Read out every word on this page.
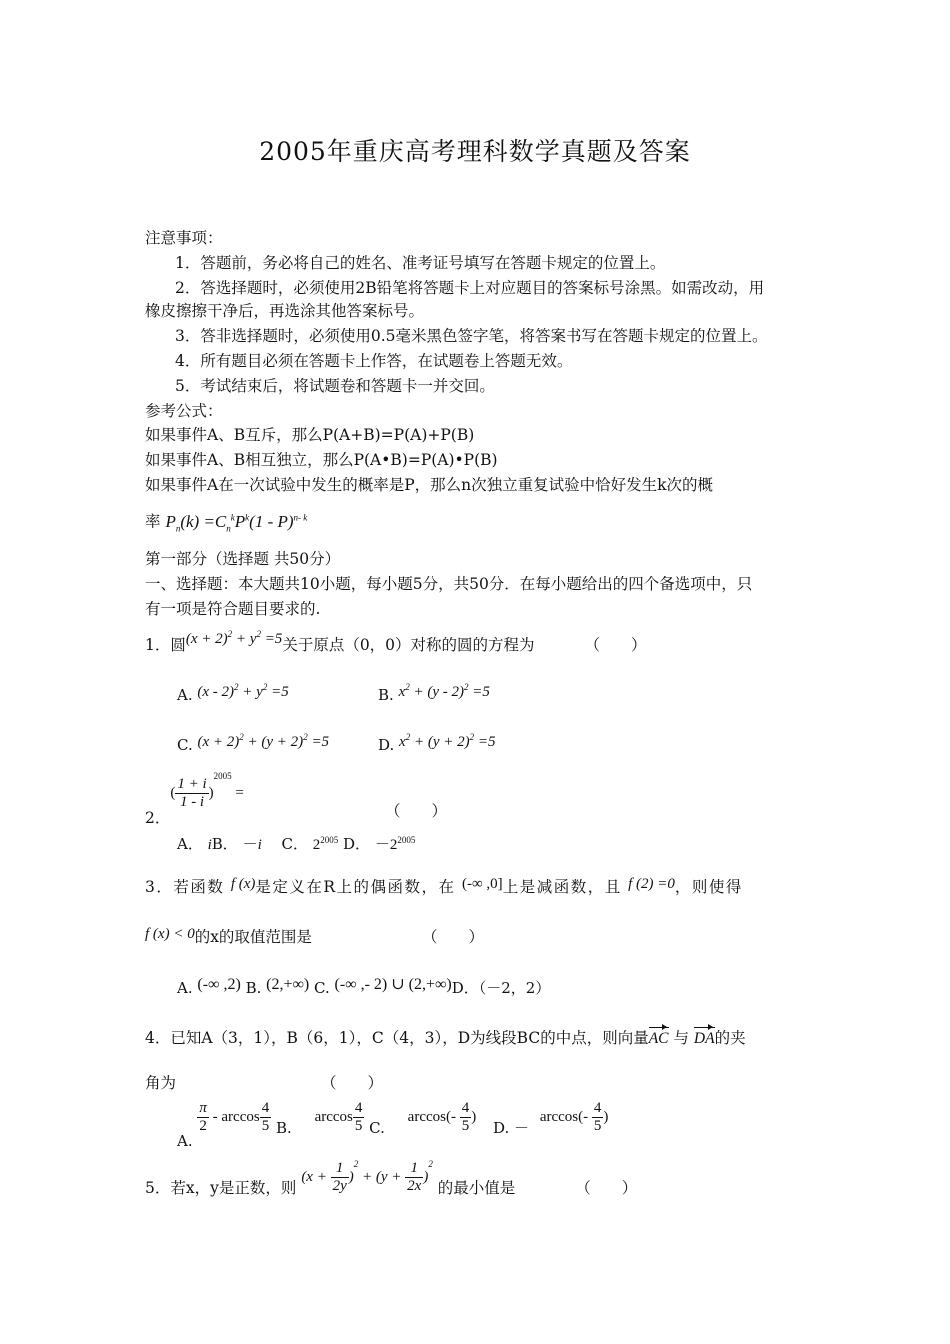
2005年重庆高考理科数学真题及答案
注意事项：
1．答题前，务必将自己的姓名、准考证号填写在答题卡规定的位置上。
2．答选择题时，必须使用2B铅笔将答题卡上对应题目的答案标号涂黑。如需改动，用
橡皮擦擦干净后，再选涂其他答案标号。
3．答非选择题时，必须使用0.5毫米黑色签字笔，将答案书写在答题卡规定的位置上。
4．所有题目必须在答题卡上作答，在试题卷上答题无效。
5．考试结束后，将试题卷和答题卡一并交回。
参考公式：
如果事件A、B互斥，那么P(A+B)=P(A)+P(B)
如果事件A、B相互独立，那么P(A•B)=P(A)•P(B)
如果事件A在一次试验中发生的概率是P，那么n次独立重复试验中恰好发生k次的概
率 $P_n(k) =C_n^kP^k(1 - P)^{n- k}$
第一部分（选择题 共50分）
一、选择题：本大题共10小题，每小题5分，共50分．在每小题给出的四个备选项中，只
有一项是符合题目要求的.
1．圆$(x + 2)^2 + y^2 =5$关于原点（0，0）对称的圆的方程为	（　　）
A. $(x - 2)^2 + y^2 =5$	B. $x^2 + (y - 2)^2 =5$
C. $(x + 2)^2 + (y + 2)^2 =5$	D. $x^2 + (y + 2)^2 =5$
2．( $\frac{1 + i}{1 - i} )^{2005}$ =
（　　）
A． iB． －i　 C． $2^{2005}$ D． $-2^{2005}$
3．若函数 f (x)是定义在R上的偶函数，在 (-∞ ,0]上是减函数，且 f (2) =0，则使得
f (x) < 0的x的取值范围是	（　　）
A. (-∞ ,2) B. (2,+∞) C. (-∞ ,- 2) ∪ (2,+∞)D．（－2，2）
4．已知A（3，1），B（6，1），C（4，3），D为线段BC的中点，则向量AC 与 DA的夹
角为	（　　）
A.
$\frac{\pi}{2}$ - $\arccos \frac{4}{5} B$. $\arccos \frac{4}{5} C$. $\arccos(- \frac{4}{5}$ ) D. － $\arccos(- \frac{4}{5}$ )
5．若x，y是正数，则 $(x + \frac{1}{2y} )^2 + (y + \frac{1}{2x} )^2$ 的最小值是	（　　）
